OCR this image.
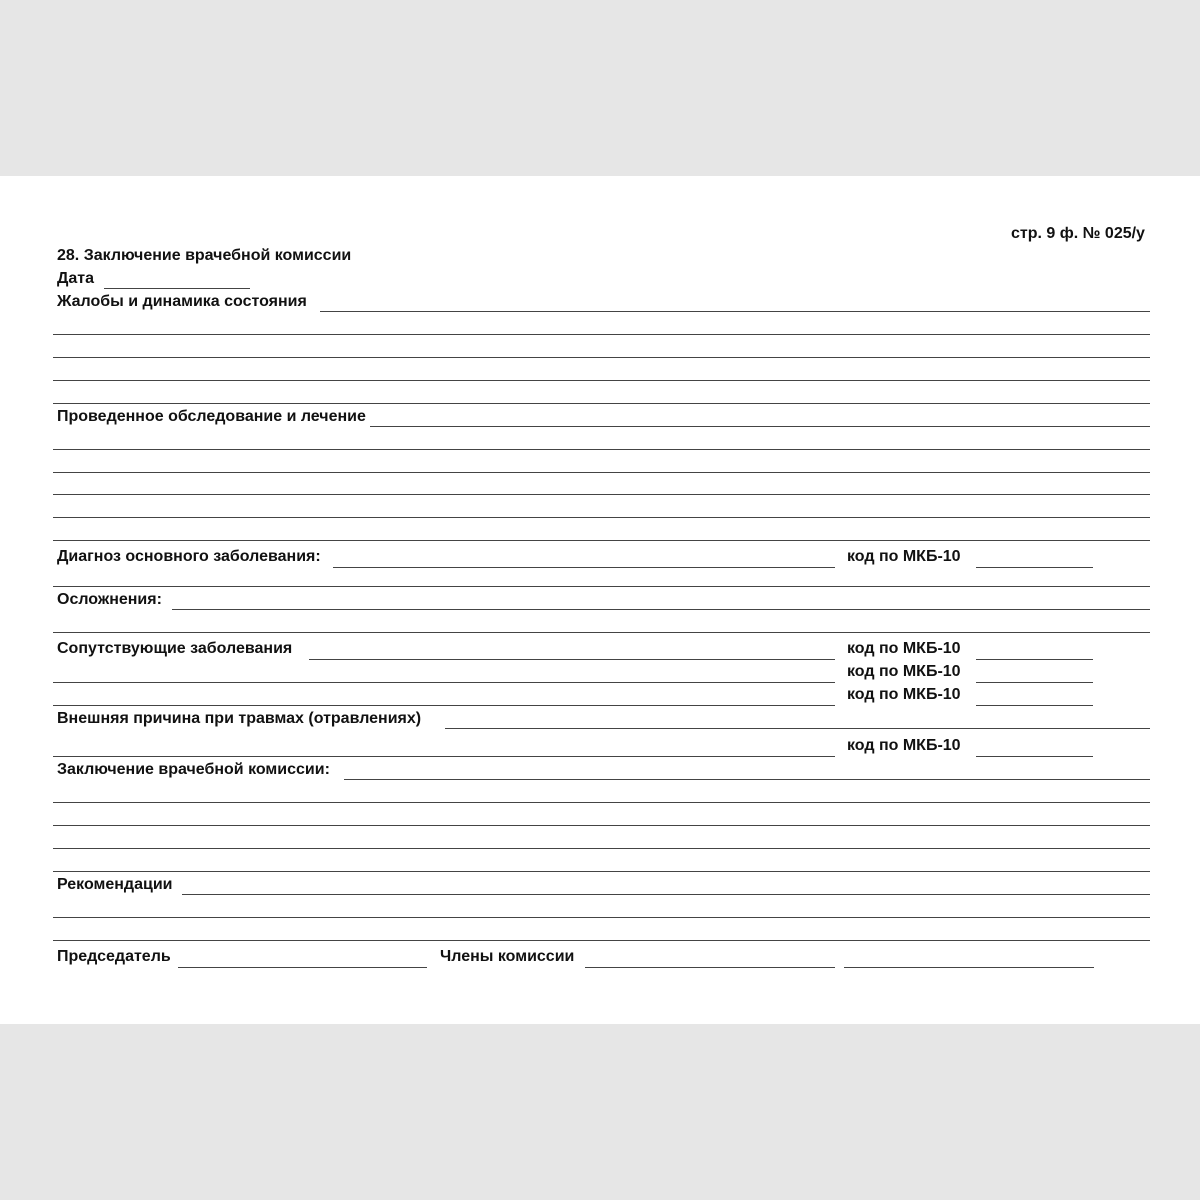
стр. 9 ф. № 025/у
28. Заключение врачебной комиссии
Дата
Жалобы и динамика состояния
Проведенное обследование и лечение
Диагноз основного заболевания:	код по МКБ-10
Осложнения:
Сопутствующие заболевания	код по МКБ-10
код по МКБ-10
код по МКБ-10
Внешняя причина при травмах (отравлениях)
код по МКБ-10
Заключение врачебной комиссии:
Рекомендации
Председатель	Члены комиссии
